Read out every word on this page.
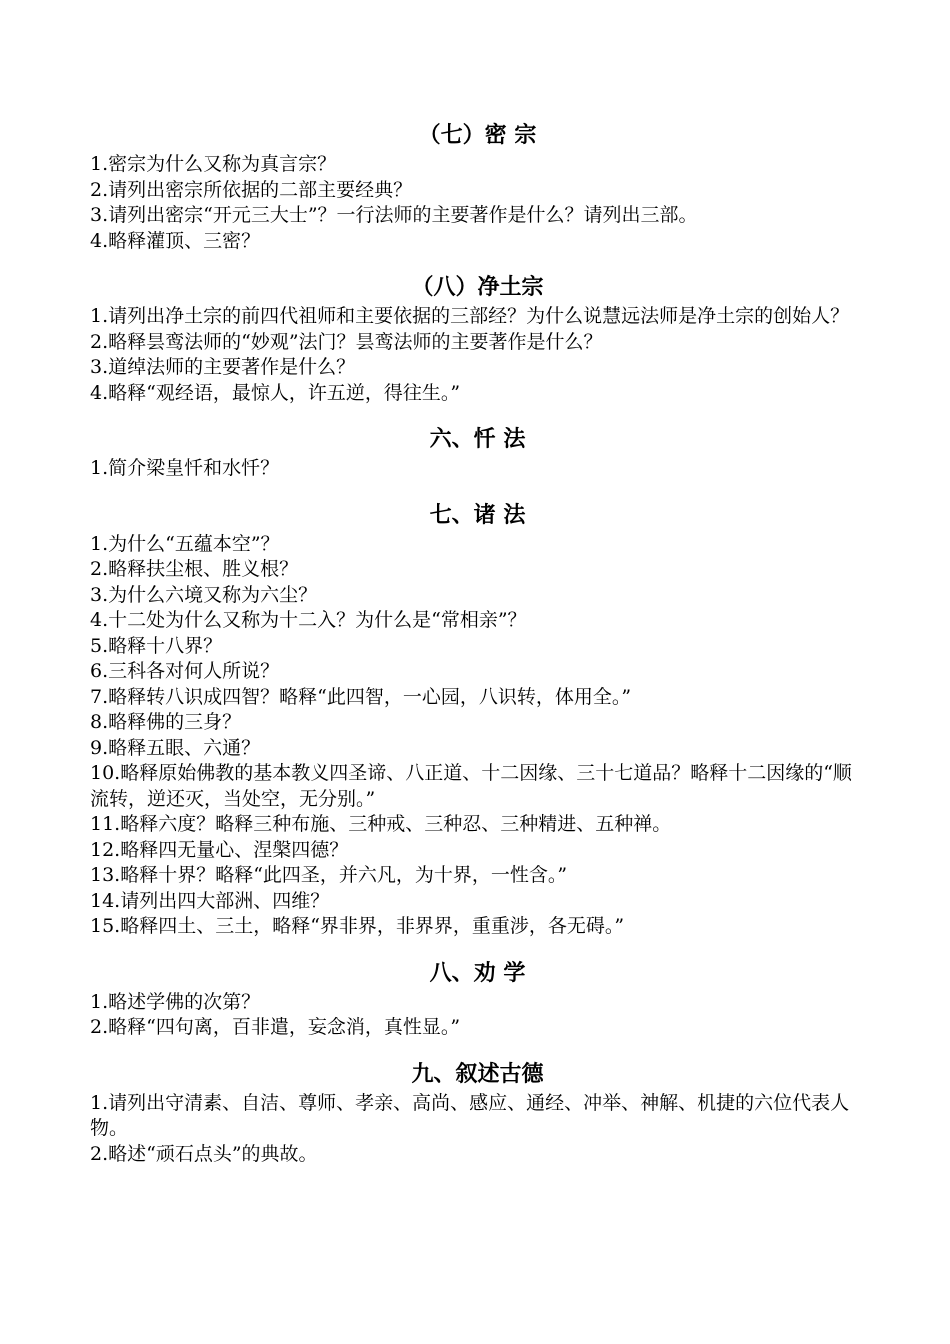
（七）密 宗

1.密宗为什么又称为真言宗？

2.请列出密宗所依据的二部主要经典？

3.请列出密宗“开元三大士”？一行法师的主要著作是什么？请列出三部。

4.略释灌顶、三密？

（八）净土宗

1.请列出净土宗的前四代祖师和主要依据的三部经？为什么说慧远法师是净土宗的创始人？

2.略释昙鸾法师的“妙观”法门？昙鸾法师的主要著作是什么？

3.道绰法师的主要著作是什么？

4.略释“观经语，最惊人，许五逆，得往生。”

六、忏 法

1.简介梁皇忏和水忏？

七、诸 法

1.为什么“五蕴本空”？

2.略释扶尘根、胜义根？

3.为什么六境又称为六尘？

4.十二处为什么又称为十二入？为什么是“常相亲”？

5.略释十八界？

6.三科各对何人所说？

7.略释转八识成四智？略释“此四智，一心园，八识转，体用全。”

8.略释佛的三身？

9.略释五眼、六通？

10.略释原始佛教的基本教义四圣谛、八正道、十二因缘、三十七道品？略释十二因缘的“顺流转，逆还灭，当处空，无分别。”

11.略释六度？略释三种布施、三种戒、三种忍、三种精进、五种禅。

12.略释四无量心、涅槃四德？

13.略释十界？略释“此四圣，并六凡，为十界，一性含。”

14.请列出四大部洲、四维？

15.略释四土、三土，略释“界非界，非界界，重重涉，各无碍。”

八、劝 学

1.略述学佛的次第？

2.略释“四句离，百非遣，妄念消，真性显。”

九、叙述古德

1.请列出守清素、自洁、尊师、孝亲、高尚、感应、通经、冲举、神解、机捷的六位代表人物。

2.略述“顽石点头”的典故。
